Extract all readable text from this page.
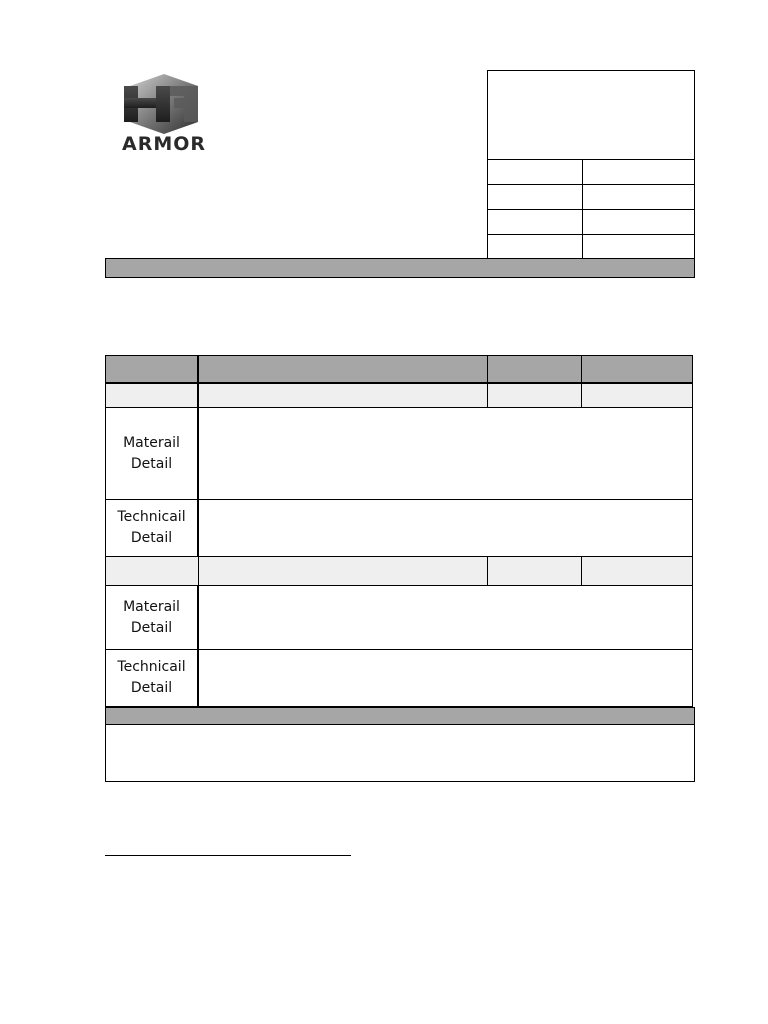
ARMOR
Materail
Detail
Technicail
Detail
Materail
Detail
Technicail
Detail
